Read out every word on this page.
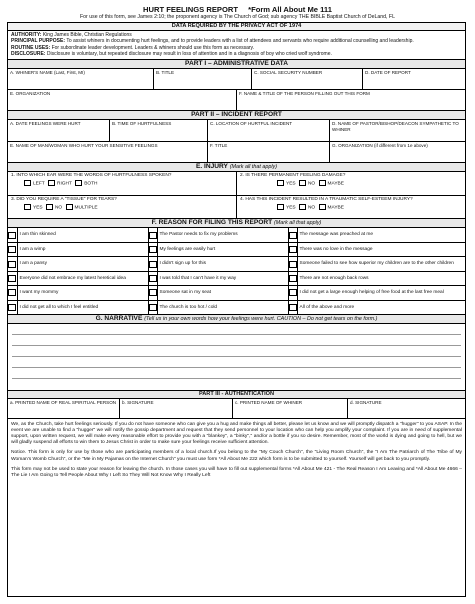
HURT FEELINGS REPORT *Form All About Me 111
For use of this form, see James 2:10; the proponent agency is The Church of God; sub agency THE BIBLE Baptist Church of DeLand, FL
DATA REQUIRED BY THE PRIVACY ACT OF 1974
AUTHORITY: King James Bible, Christian Regulations
PRINCIPAL PURPOSE: To assist whiners in documenting hurt feelings, and to provide leaders with a list of attendees and servants who require additional counselling and leadership.
ROUTINE USES: For subordinate leader development. Leaders & whiners should use this form as necessary.
DISCLOSURE: Disclosure is voluntary, but repeated disclosure may result in loss of attention and in a diagnosis of boy who cried wolf syndrome.
PART I – ADMINISTRATIVE DATA
A. WHINER'S NAME (Last, First, MI)	B. TITLE	C. SOCIAL SECURITY NUMBER	D. DATE OF REPORT
E. ORGANIZATION	F. NAME & TITLE OF THE PERSON FILLING OUT THIS FORM
PART II – INCIDENT REPORT
A. DATE FEELINGS WERE HURT	B. TIME OF HURTFULNESS	C. LOCATION OF HURTFUL INCIDENT	D. NAME OF PASTOR/BISHOP/DEACON SYMPATHETIC TO WHINER
E. NAME OF MAN/WOMAN WHO HURT YOUR SENSITIVE FEELINGS	F. TITLE	G. ORGANIZATION (if different from 1e above)
E. INJURY (Mark all that apply)
1. INTO WHICH EAR WERE THE WORDS OF HURTFULNESS SPOKEN?
LEFT	RIGHT	BOTH
2. IS THERE PERMANENT FEELING DAMAGE?
YES	NO	MAYBE
3. DID YOU REQUIRE A "TISSUE" FOR TEARS?
YES	NO	MULTIPLE
4. HAS THIS INCIDENT RESULTED IN A TRAUMATIC SELF-ESTEEM INJURY?
YES	NO	MAYBE
F. REASON FOR FILING THIS REPORT (Mark all that apply)
	I am thin skinned		The Pastor needs to fix my problems		The message was preached at me

	I am a wimp		My feelings are easily hurt		There was no love in the message

	I am a pansy		I didn't sign up for this		Someone failed to see how superior my children are to the other children

	Everyone did not embrace my latest heretical idea		I was told that I can't have it my way		There are not enough back rows

	I want my mommy		Someone sat in my seat		I did not get a large enough helping of free food at the last free meal

	I did not get all to which I feel entitled		The church is too hot / cold		All of the above and more
G. NARRATIVE (Tell us in your own words how your feelings were hurt. CAUTION – Do not get tears on the form.)
PART III - AUTHENTICATION
a. PRINTED NAME OF REAL SPIRITUAL PERSON	b. SIGNATURE	c. PRINTED NAME OF WHINER	d. SIGNATURE
We, as the Church, take hurt feelings seriously. If you do not have someone who can give you a hug and make things all better, please let us know and we will promptly dispatch a "hugger" to you ASAP. In the event we are unable to find a "hugger" we will notify the gossip department and request that they send personnel to your location who can help you amplify your complaint. If you are in need of supplemental support, upon written request, we will make every reasonable effort to provide you with a "blankey", a "binky"," and/or a bottle if you so desire. Remember, most of the world is dying and going to hell, but we will gladly suspend all efforts to win them to Jesus Christ in order to make sure your feelings receive sufficient attention.
Notice. This form is only for use by those who are participating members of a local church.If you belong to the "My Couch Church", the "Living Room Church", the "I Am The Patriarch of The Tribe of My Woman's Womb Church", or the "Me in My Pajamas on the Internet Church" you must use form *All About Me 222 which form is to be submitted to yourself. Yourself will get back to you promptly.
This form may not be used to state your reason for leaving the church. In those cases you will have to fill out supplemental forms *All About Me 421 - The Real Reason I Am Leaving and *All About Me 4666 – The Lie I Am Going to Tell People About Why I Left So They Will Not Know Why I Really Left
